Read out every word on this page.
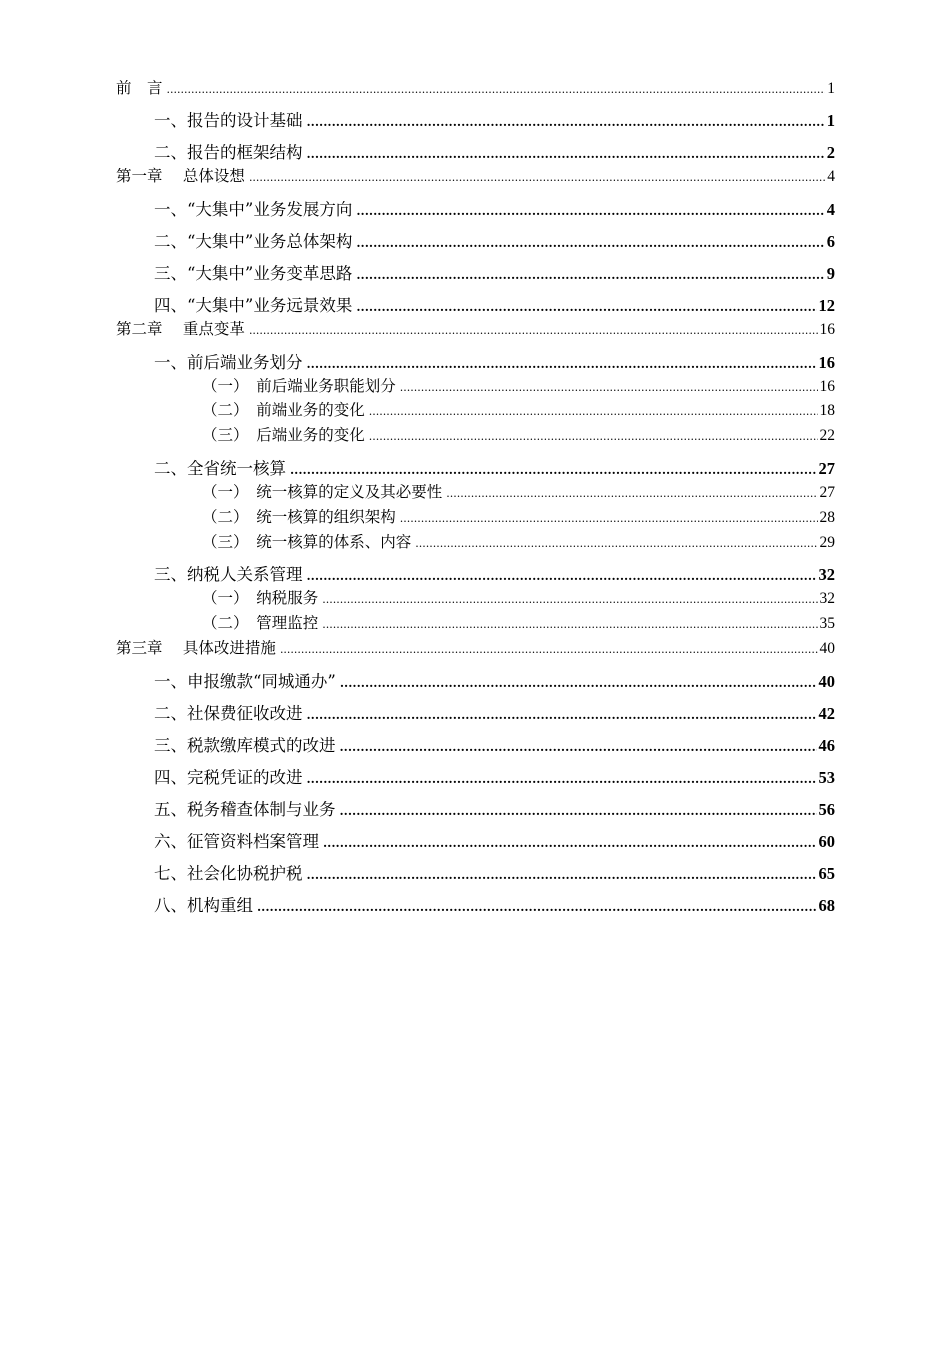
前　言 .....	1
一、报告的设计基础 .....	1
二、报告的框架结构 .....	2
第一章　 总体设想 .....	4
一、“大集中”业务发展方向 .....	4
二、“大集中”业务总体架构 .....	6
三、“大集中”业务变革思路 .....	9
四、“大集中”业务远景效果 .....	12
第二章　 重点变革 .....	16
一、前后端业务划分 .....	16
（一）　前后端业务职能划分 .....	16
（二）　前端业务的变化 .....	18
（三）　后端业务的变化 .....	22
二、全省统一核算 .....	27
（一）　统一核算的定义及其必要性 .....	27
（二）　统一核算的组织架构 .....	28
（三）　统一核算的体系、内容 .....	29
三、纳税人关系管理 .....	32
（一）　纳税服务 .....	32
（二）　管理监控 .....	35
第三章　 具体改进措施 .....	40
一、申报缴款“同城通办” .....	40
二、社保费征收改进 .....	42
三、税款缴库模式的改进 .....	46
四、完税凭证的改进 .....	53
五、税务稽查体制与业务 .....	56
六、征管资料档案管理 .....	60
七、社会化协税护税 .....	65
八、机构重组 .....	68
